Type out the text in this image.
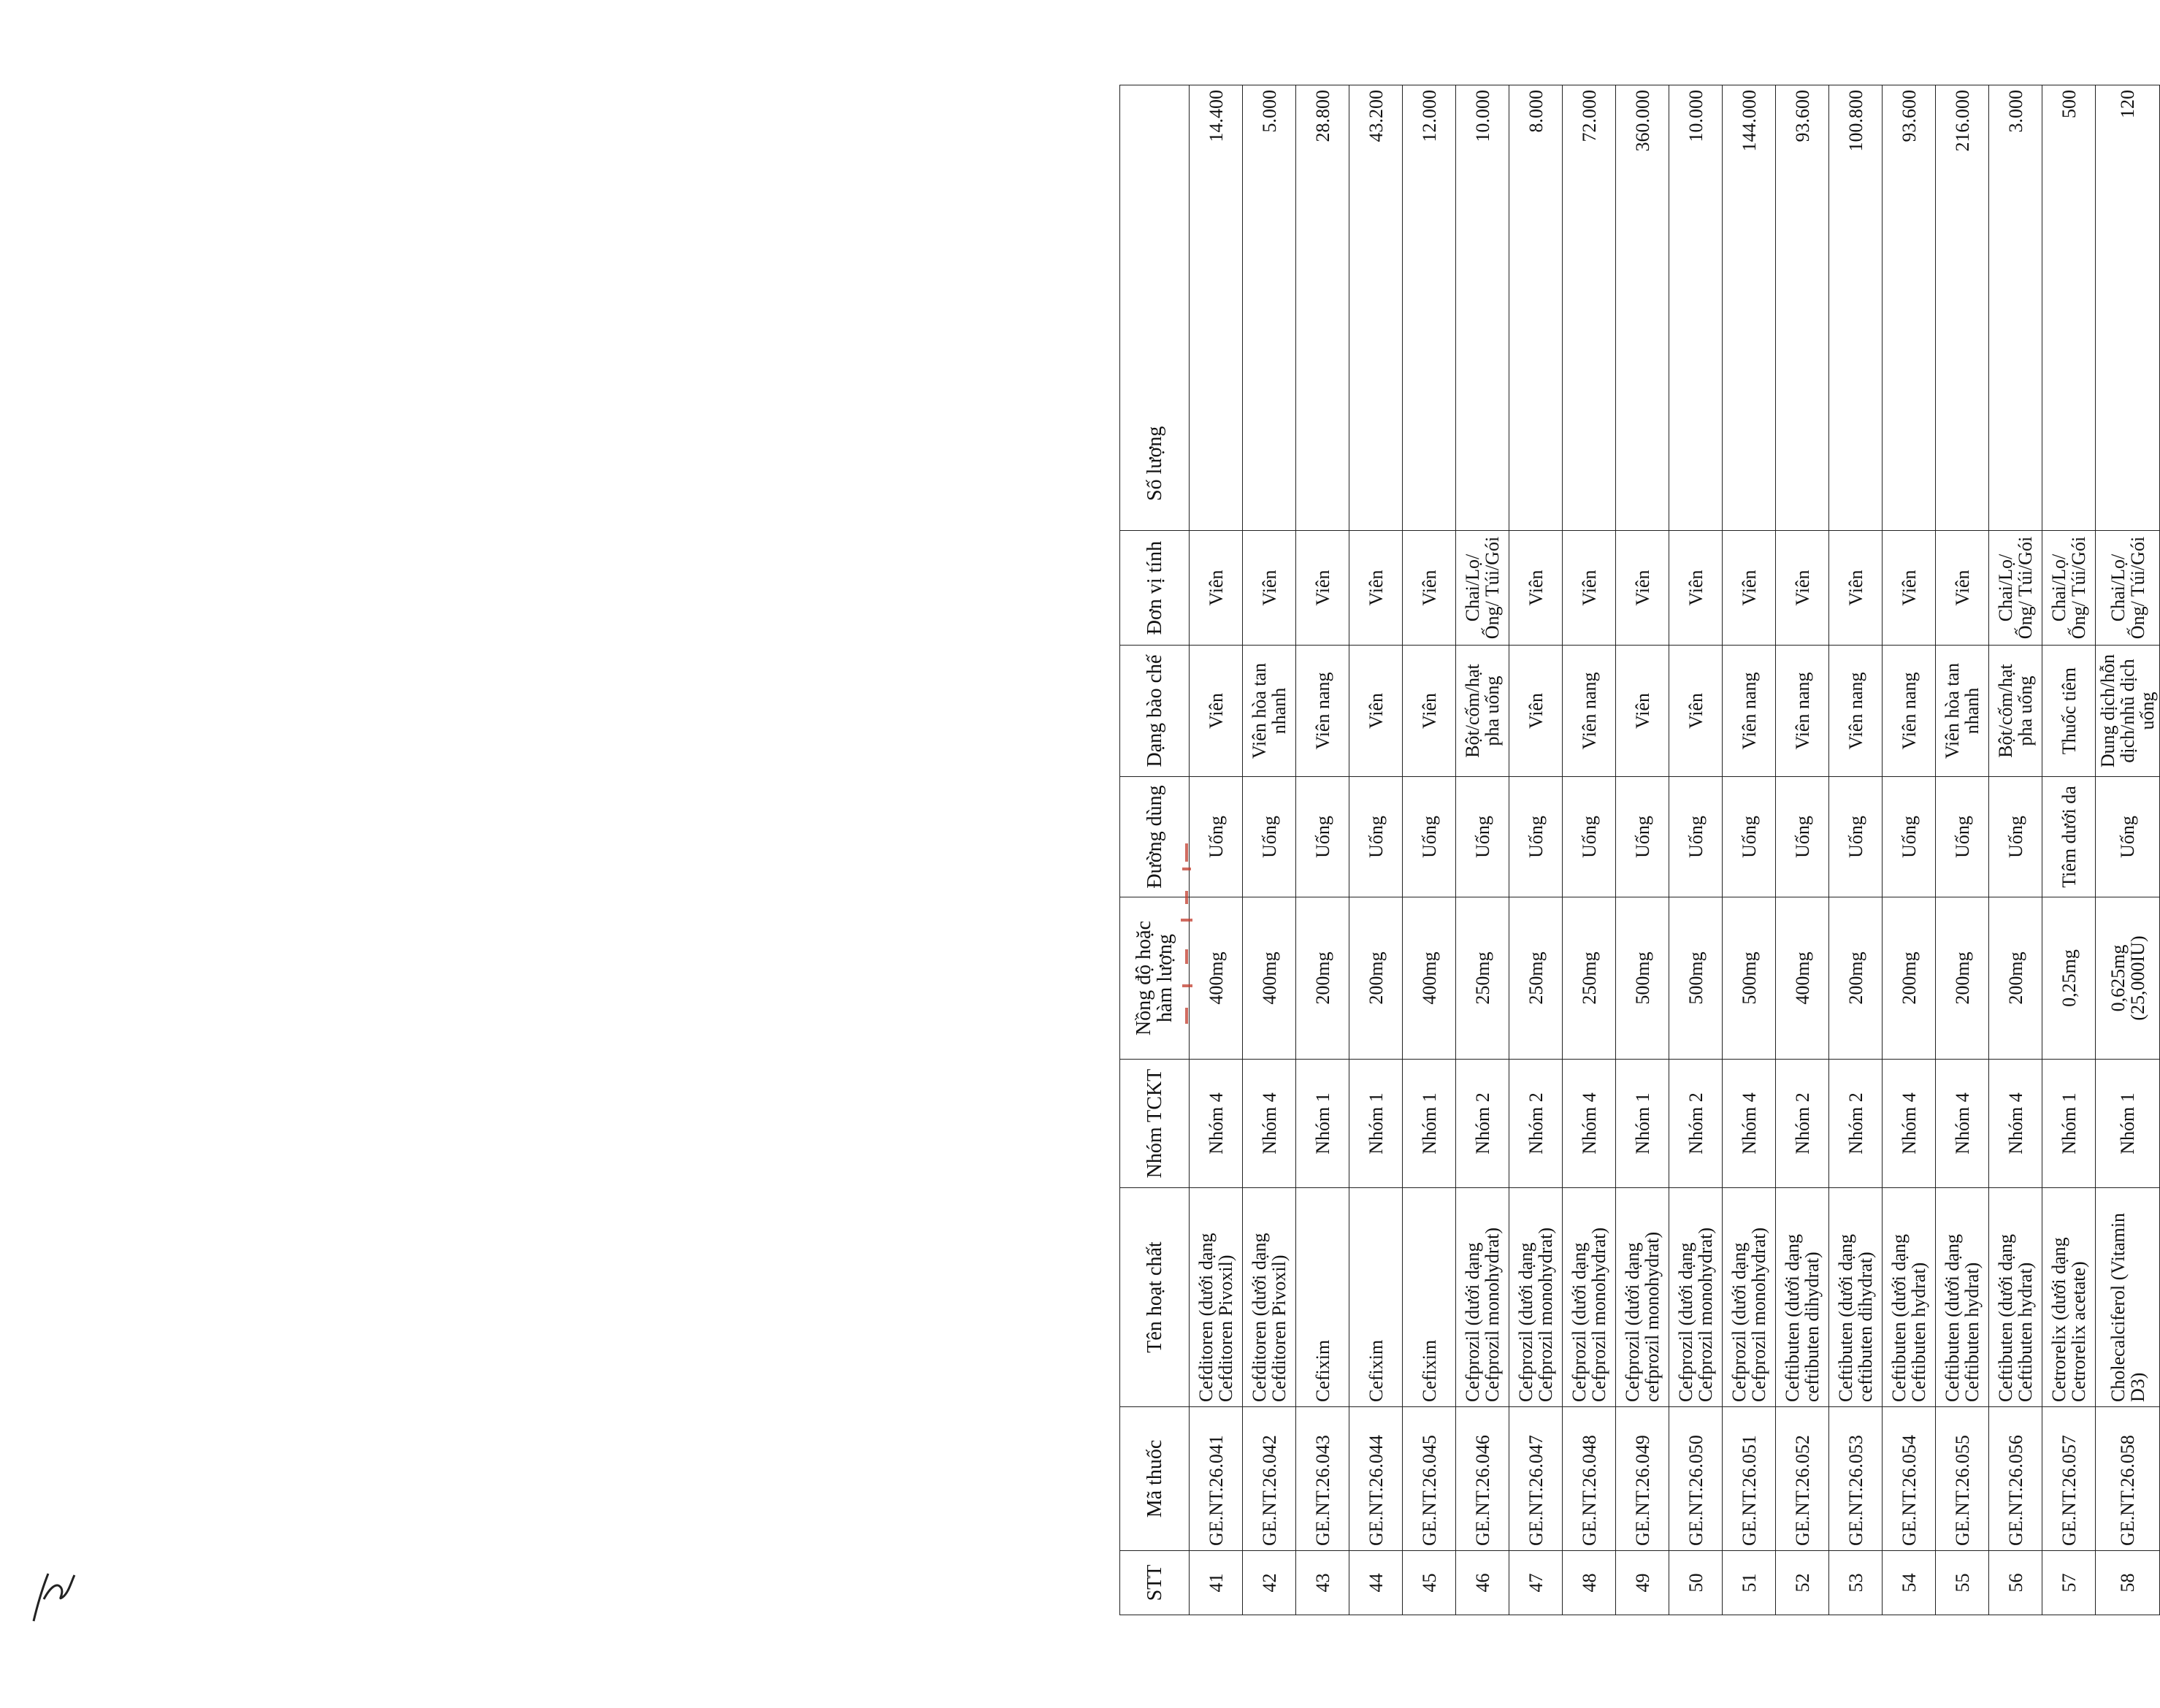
STT	Mã thuốc	Tên hoạt chất	Nhóm TCKT	Nồng độ hoặc hàm lượng	Đường dùng	Dạng bào chế	Đơn vị tính	Số lượng
41	GE.NT.26.041	Cefditoren (dưới dạng Cefditoren Pivoxil)	Nhóm 4	400mg	Uống	Viên	Viên	14.400
42	GE.NT.26.042	Cefditoren (dưới dạng Cefditoren Pivoxil)	Nhóm 4	400mg	Uống	Viên hòa tan nhanh	Viên	5.000
43	GE.NT.26.043	Cefixim	Nhóm 1	200mg	Uống	Viên nang	Viên	28.800
44	GE.NT.26.044	Cefixim	Nhóm 1	200mg	Uống	Viên	Viên	43.200
45	GE.NT.26.045	Cefixim	Nhóm 1	400mg	Uống	Viên	Viên	12.000
46	GE.NT.26.046	Cefprozil (dưới dạng Cefprozil monohydrat)	Nhóm 2	250mg	Uống	Bột/cốm/hạt pha uống	Chai/Lọ/Ống/ Túi/Gói	10.000
47	GE.NT.26.047	Cefprozil (dưới dạng Cefprozil monohydrat)	Nhóm 2	250mg	Uống	Viên	Viên	8.000
48	GE.NT.26.048	Cefprozil (dưới dạng Cefprozil monohydrat)	Nhóm 4	250mg	Uống	Viên nang	Viên	72.000
49	GE.NT.26.049	Cefprozil (dưới dạng cefprozil monohydrat)	Nhóm 1	500mg	Uống	Viên	Viên	360.000
50	GE.NT.26.050	Cefprozil (dưới dạng Cefprozil monohydrat)	Nhóm 2	500mg	Uống	Viên	Viên	10.000
51	GE.NT.26.051	Cefprozil (dưới dạng Cefprozil monohydrat)	Nhóm 4	500mg	Uống	Viên nang	Viên	144.000
52	GE.NT.26.052	Ceftibuten (dưới dạng ceftibuten dihydrat)	Nhóm 2	400mg	Uống	Viên nang	Viên	93.600
53	GE.NT.26.053	Ceftibuten (dưới dạng ceftibuten dihydrat)	Nhóm 2	200mg	Uống	Viên nang	Viên	100.800
54	GE.NT.26.054	Ceftibuten (dưới dạng Ceftibuten hydrat)	Nhóm 4	200mg	Uống	Viên nang	Viên	93.600
55	GE.NT.26.055	Ceftibuten (dưới dạng Ceftibuten hydrat)	Nhóm 4	200mg	Uống	Viên hòa tan nhanh	Viên	216.000
56	GE.NT.26.056	Ceftibuten (dưới dạng Ceftibuten hydrat)	Nhóm 4	200mg	Uống	Bột/cốm/hạt pha uống	Chai/Lọ/Ống/ Túi/Gói	3.000
57	GE.NT.26.057	Cetrorelix (dưới dạng Cetrorelix acetate)	Nhóm 1	0,25mg	Tiêm dưới da	Thuốc tiêm	Chai/Lọ/Ống/ Túi/Gói	500
58	GE.NT.26.058	Cholecalciferol (Vitamin D3)	Nhóm 1	0,625mg (25,000IU)	Uống	Dung dịch/hỗn dịch/nhũ dịch uống	Chai/Lọ/Ống/ Túi/Gói	120
